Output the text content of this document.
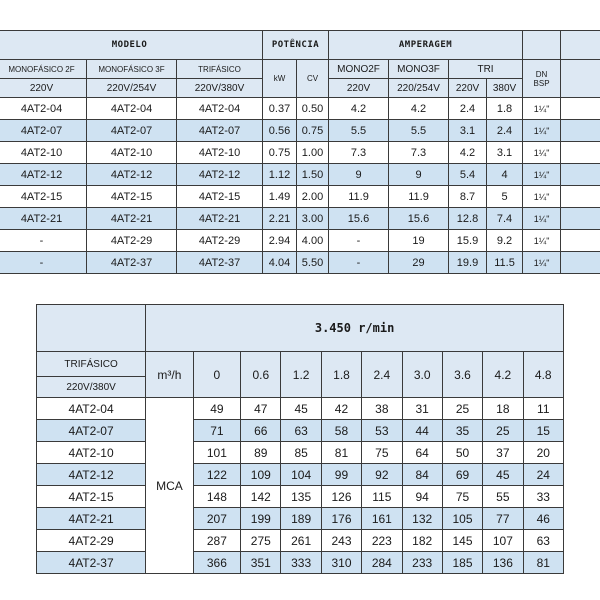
MODELO			POTÊNCIA		AMPERAGEM					
MONOFÁSICO 2F	MONOFÁSICO 3F	TRIFÁSICO	kW	CV	MONO2F	MONO3F	TRI		DN
BSP	
220V	220V/254V	220V/380V			220V	220/254V	220V	380V		
4AT2-04	4AT2-04	4AT2-04	0.37	0.50	4.2	4.2	2.4	1.8	1¼"	
4AT2-07	4AT2-07	4AT2-07	0.56	0.75	5.5	5.5	3.1	2.4	1¼"	
4AT2-10	4AT2-10	4AT2-10	0.75	1.00	7.3	7.3	4.2	3.1	1¼"	
4AT2-12	4AT2-12	4AT2-12	1.12	1.50	9	9	5.4	4	1¼"	
4AT2-15	4AT2-15	4AT2-15	1.49	2.00	11.9	11.9	8.7	5	1¼"	
4AT2-21	4AT2-21	4AT2-21	2.21	3.00	15.6	15.6	12.8	7.4	1¼"	
-	4AT2-29	4AT2-29	2.94	4.00	-	19	15.9	9.2	1¼"	
-	4AT2-37	4AT2-37	4.04	5.50	-	29	19.9	11.5	1¼"	
	3.450 r/min									
TRIFÁSICO	m³/h	0	0.6	1.2	1.8	2.4	3.0	3.6	4.2	4.8
220V/380V										
4AT2-04	MCA	49	47	45	42	38	31	25	18	11
4AT2-07		71	66	63	58	53	44	35	25	15
4AT2-10		101	89	85	81	75	64	50	37	20
4AT2-12		122	109	104	99	92	84	69	45	24
4AT2-15		148	142	135	126	115	94	75	55	33
4AT2-21		207	199	189	176	161	132	105	77	46
4AT2-29		287	275	261	243	223	182	145	107	63
4AT2-37		366	351	333	310	284	233	185	136	81
